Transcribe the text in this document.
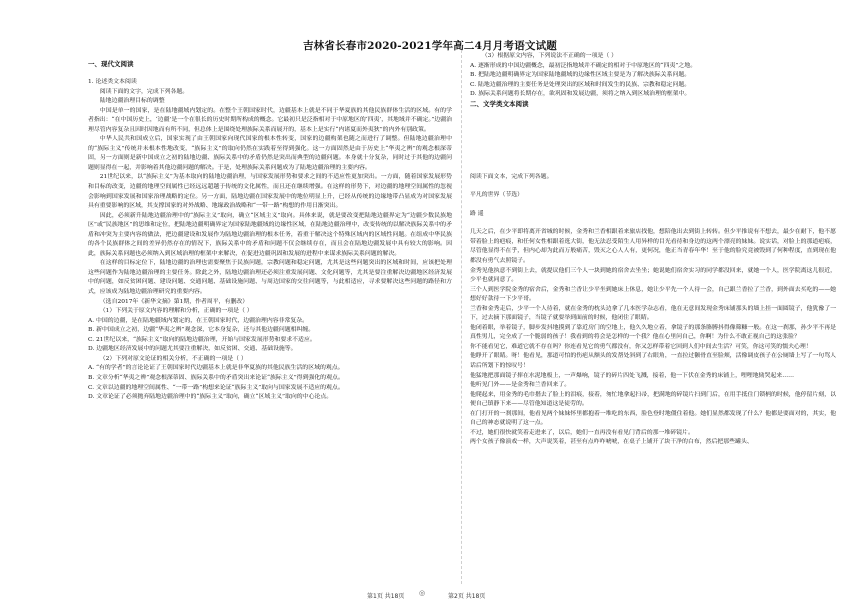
吉林省长春市2020-2021学年高二4月月考语文试题
一、现代文阅读

1. 论述类文本阅读

阅读下面的文字，完成下列各题。

陆地边疆治理目标的调整

中国是单一的国家，是在陆地疆域内划定的。在整个王朝国家时代，边疆基本上就是不同于华夏族的其他民族群体生活的区域。有的学者指出：“在中国历史上，‘边疆’是一个在很长的历史时期所构成的概念。它最初只是泛指相对于中原地区的‘四夷’，其地域并不确定。”边疆治理尽管内容复杂且因时因地而有所不同，但总体上是围绕处理族际关系而展开的，基本上是实行“内诸夏而外夷狄”的内外有别政策。

中华人民共和国成立后，国家实现了由王朝国家向现代国家的根本性转变，国家的边疆构架也随之而进行了调整。但陆地边疆治理中的“族际主义”传统并未根本性地改变，“族际主义”的取向仍然在实践着至得到强化。这一方面固然是由于历史上“华夷之辨”的观念根深蒂固，另一方面则是新中国成立之初的陆地边疆、族际关系中的矛盾仍然是突出而典型的边疆问题。本身就十分复杂，同时过于其他的边疆问题则显得在一起，并影响着其他边疆问题的解决。于是，处理族际关系问题成为了陆地边疆治理的主要内容。

21世纪以来，以“族际主义”为基本取向的陆地边疆治理，与国家发展形势和要求之间的不适应性更加突出。一方面，随着国家发展形势和目标的改变，边疆的地理空间属性已经远远超越于传统的文化属性，而且还在继续增强。在这样的形势下，对边疆的地理空间属性的忽视会影响到国家发展和国家治理战略的定位。另一方面，陆地边疆在国家发展中的地位明显上升，已经从传统的边缘地带凸显成为对国家发展具有重要影响的区域，其支撑国家的对外战略、地缘政治战略和“一带一路”构想的作用日渐突出。

因此，必须新升陆地边疆治理中的“族际主义”取向，确立“区域主义”取向。具体来说，就是要改变把陆地边疆界定为“边疆少数民族地区”或“民族地区”的思维和定位，把陆地边疆明确界定为国家陆地疆域的边缘性区域，在陆地边疆治理中，改变传统的以解决族际关系中的矛盾和冲突为主要内容的做法，把边疆建设和发展作为陆地边疆治理的根本任务，着重于解决这个特殊区域内的区域性问题。在组成中华民族的各个民族群体之间的差异仍然存在的情况下，族际关系中的矛盾和问题不仅会继续存在，而且会在陆地边疆发展中具有较大的影响。因此，族际关系问题也必须纳入到区域治理的框架中来解决，在促进边疆巩固和发展的进程中来谋求族际关系问题的解决。

在这样的目标定位下，陆地边疆的治理也需要聚焦于民族问题，宗教问题和稳定问题，尤其是这些问题突出的区域和时间，应该把处理这些问题作为陆地边疆治理的主要任务。除此之外，陆地边疆治理还必须注重发展问题、文化问题等，尤其是要注重解决边疆地区经济发展中的问题，如反贫困问题、建设问题、交通问题、基础设施问题、与周边国家的交往问题等，与此相适应，寻求要解决这些问题的路径和方式，应该成为陆地边疆治理研究的重要内容。

（选自2017年《新华文摘》第1期，作者周平，有删改）

（1）下列关于原文内容的理解和分析，正确的一项是（ ）

A. 中国的边疆，是在陆地疆域内划定的，在王朝国家时代，边疆治理内容非常复杂。

B. 新中国成立之初，边疆“华夷之辨”观念深，它本身复杂，还与其他边疆问题相纠缠。

C. 21世纪以来，“族际主义”取向的陆地边疆治理，开始与国家发展形势和要求不适应。

D. 边疆地区经济发展中的问题尤其要注重解决，如反贫困、交通、基础设施等。

（2）下列对原文论证的相关分析，不正确的一项是（ ）

A. “有的学者”的言论论证了王朝国家时代边疆基本上就是非华夏族的其他民族生活的区域的观点。

B. 文章分析“华夷之辨”观念根深蒂固、族际关系中的矛盾突出来论证“族际主义”得到强化的观点。

C. 文章以边疆的地理空间属性、“一带一路”构想来论证“族际主义”取向与国家发展不适应的观点。

D. 文章论证了必须抛弃陆地边疆治理中的“族际主义”取向，确立“区域主义”取向的中心论点。

（3）根据原文内容，下列说法不正确的一项是（ ）

A. 逐渐形成的中国边疆概念，最初泛指地域并不确定的相对于中原地区的“四夷”之地。

B. 把陆地边疆明确界定为国家陆地疆域的边缘性区域主要是为了解决族际关系问题。

C. 陆地边疆治理的主要任务是处理突出的区域和时间发生的民族、宗教和稳定问题。

D. 族际关系问题将长期存在，欲巩固和发展边疆，须将之纳入到区域治理的框架中。

二、文学类文本阅读

阅读下面文本，完成下列各题。

平凡的世界（节选）

路 遥

几天之后，在少平即将离开省城的时候，金秀和兰香相跟着来旅店找他，想陪他出去到街上转转。但少平推说有不想去，最少在耐下，他不愿带着脸上的疤痕，和任何女性相跟着逛大街，他无法忍受陌生人用异样的目光看待和身边的这两个漂亮的妹妹。说实话，对脸上的那道疤痕，尽管他显得不在乎，但内心却为此而万般痛苦，毁灭之心人人有，更何况，他正当青春年华！至于他的脸究竟被毁到了何种程度，直到现在他都没有勇气去照镜子。

金秀见他执意不到街上去，就提议他们三个人一块到她的宿舍去坐坐；她说她们宿舍实习的同学都没回来，就她一个人，医学院离这儿很近，少平也就同意了。

三个人到医学院金秀的宿舍后，金秀和兰香让少平坐到她床上休息，她让少平先一个人待一会，自己跟兰香拉了兰香，到外面去买吃的——她想好好款待一下少平哥。

兰香和金秀走后，少平一个人待着，就在金秀的枕头边拿了几本医学杂志看，他在无意间发现金秀床铺那头的墙上挂一面圆镜子，他犹豫了一下，过去摘下那面镜子，当镜子就要举到面前的时候，他闭住了眼睛。

他闭着眼，举着镜子，脚步发抖地摸到了靠近房门的空地上，他久久地立着，拿镜子的那条胳膊抖得像筛糠一般。在这一刹那，孙少平不再是真性男儿，完全成了一个脆弱的孩子！我看到的将会是怎样的一个我？他在心里问自己，你啊！为什么不敢正视自己的这张脸？

你不能看见它，难道它就不存在吗？你连看见它的勇气都没有，你又怎样带着它回到人们中间去生活？可笑，你这可笑的懦夫心理！

他睁开了眼睛。呀！他看见，那道可怕的伤疤从额头的发帮处斜到了右眼角，一直拉过颧骨直至脸颊，活像调皮孩子在公厕墙上写了一句骂人话后所划下的惊叹号！

他猛地把那面镜子摔在水泥地板上，一声爆响，镜子的碎片四处飞溅，接着，他一下伏在金秀的床铺上，哩哩地恸哭起来……

他听见门外——是金秀和兰香回来了。

他爬起来，用金秀的毛巾揩去了脸上的泪痕，接着，匆忙地拿起扫帚，把满地的碎镜片扫到门后，在用手抵住门锁柄的时候，他停留片刻，以便自己镇静下来——尽管他知道这是徒劳的。

在门打开的一刹那间，他看见两个妹妹怀里都抱着一堆吃的东西，脸色登时地僵住着他。她们显然都发现了什么？他都是要面对的，其实，他自己的神态就说明了这一点。

不过，她们很快就笑着走进来了，以后，她们一直再没有看见门背后的那一堆碎镜片。

两个女孩子像演戏一样，大声说笑着，甚至有点咋咋唬唬，在桌子上铺开了块干净的白布，然后把那些罐头、

第1页 共18页 ◎	第2页 共18页
